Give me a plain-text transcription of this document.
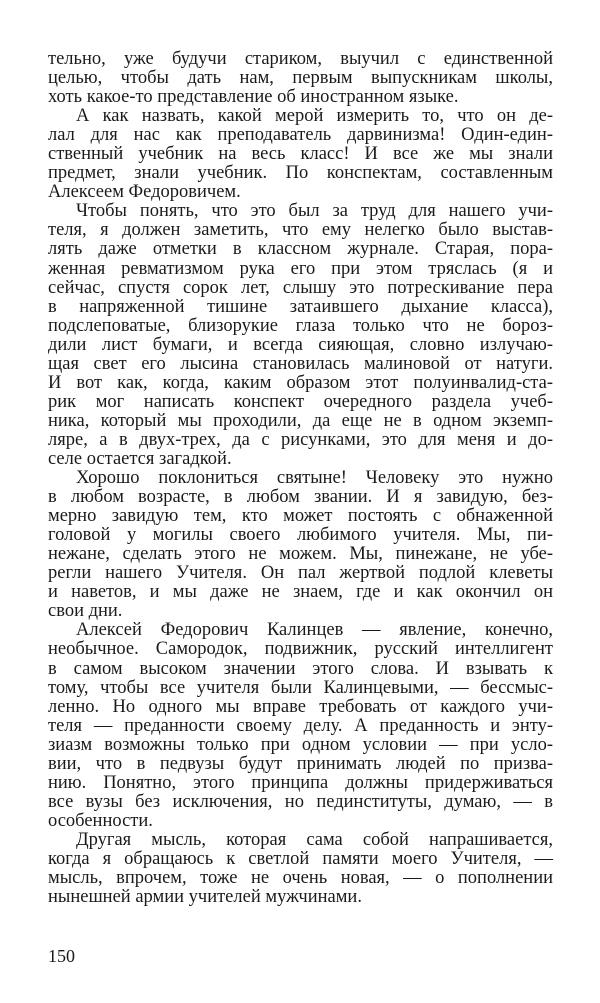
тельно, уже будучи стариком, выучил с единственной
целью, чтобы дать нам, первым выпускникам школы,
хоть какое-то представление об иностранном языке.
А как назвать, какой мерой измерить то, что он де-
лал для нас как преподаватель дарвинизма! Один-един-
ственный учебник на весь класс! И все же мы знали
предмет, знали учебник. По конспектам, составленным
Алексеем Федоровичем.
Чтобы понять, что это был за труд для нашего учи-
теля, я должен заметить, что ему нелегко было выстав-
лять даже отметки в классном журнале. Старая, пора-
женная ревматизмом рука его при этом тряслась (я и
сейчас, спустя сорок лет, слышу это потрескивание пера
в напряженной тишине затаившего дыхание класса),
подслеповатые, близорукие глаза только что не бороз-
дили лист бумаги, и всегда сияющая, словно излучаю-
щая свет его лысина становилась малиновой от натуги.
И вот как, когда, каким образом этот полуинвалид-ста-
рик мог написать конспект очередного раздела учеб-
ника, который мы проходили, да еще не в одном экземп-
ляре, а в двух-трех, да с рисунками, это для меня и до-
селе остается загадкой.
Хорошо поклониться святыне! Человеку это нужно
в любом возрасте, в любом звании. И я завидую, без-
мерно завидую тем, кто может постоять с обнаженной
головой у могилы своего любимого учителя. Мы, пи-
нежане, сделать этого не можем. Мы, пинежане, не убе-
регли нашего Учителя. Он пал жертвой подлой клеветы
и наветов, и мы даже не знаем, где и как окончил он
свои дни.
Алексей Федорович Калинцев — явление, конечно,
необычное. Самородок, подвижник, русский интеллигент
в самом высоком значении этого слова. И взывать к
тому, чтобы все учителя были Калинцевыми, — бессмыс-
ленно. Но одного мы вправе требовать от каждого учи-
теля — преданности своему делу. А преданность и энту-
зиазм возможны только при одном условии — при усло-
вии, что в педвузы будут принимать людей по призва-
нию. Понятно, этого принципа должны придерживаться
все вузы без исключения, но пединституты, думаю, — в
особенности.
Другая мысль, которая сама собой напрашивается,
когда я обращаюсь к светлой памяти моего Учителя, —
мысль, впрочем, тоже не очень новая, — о пополнении
нынешней армии учителей мужчинами.
150
